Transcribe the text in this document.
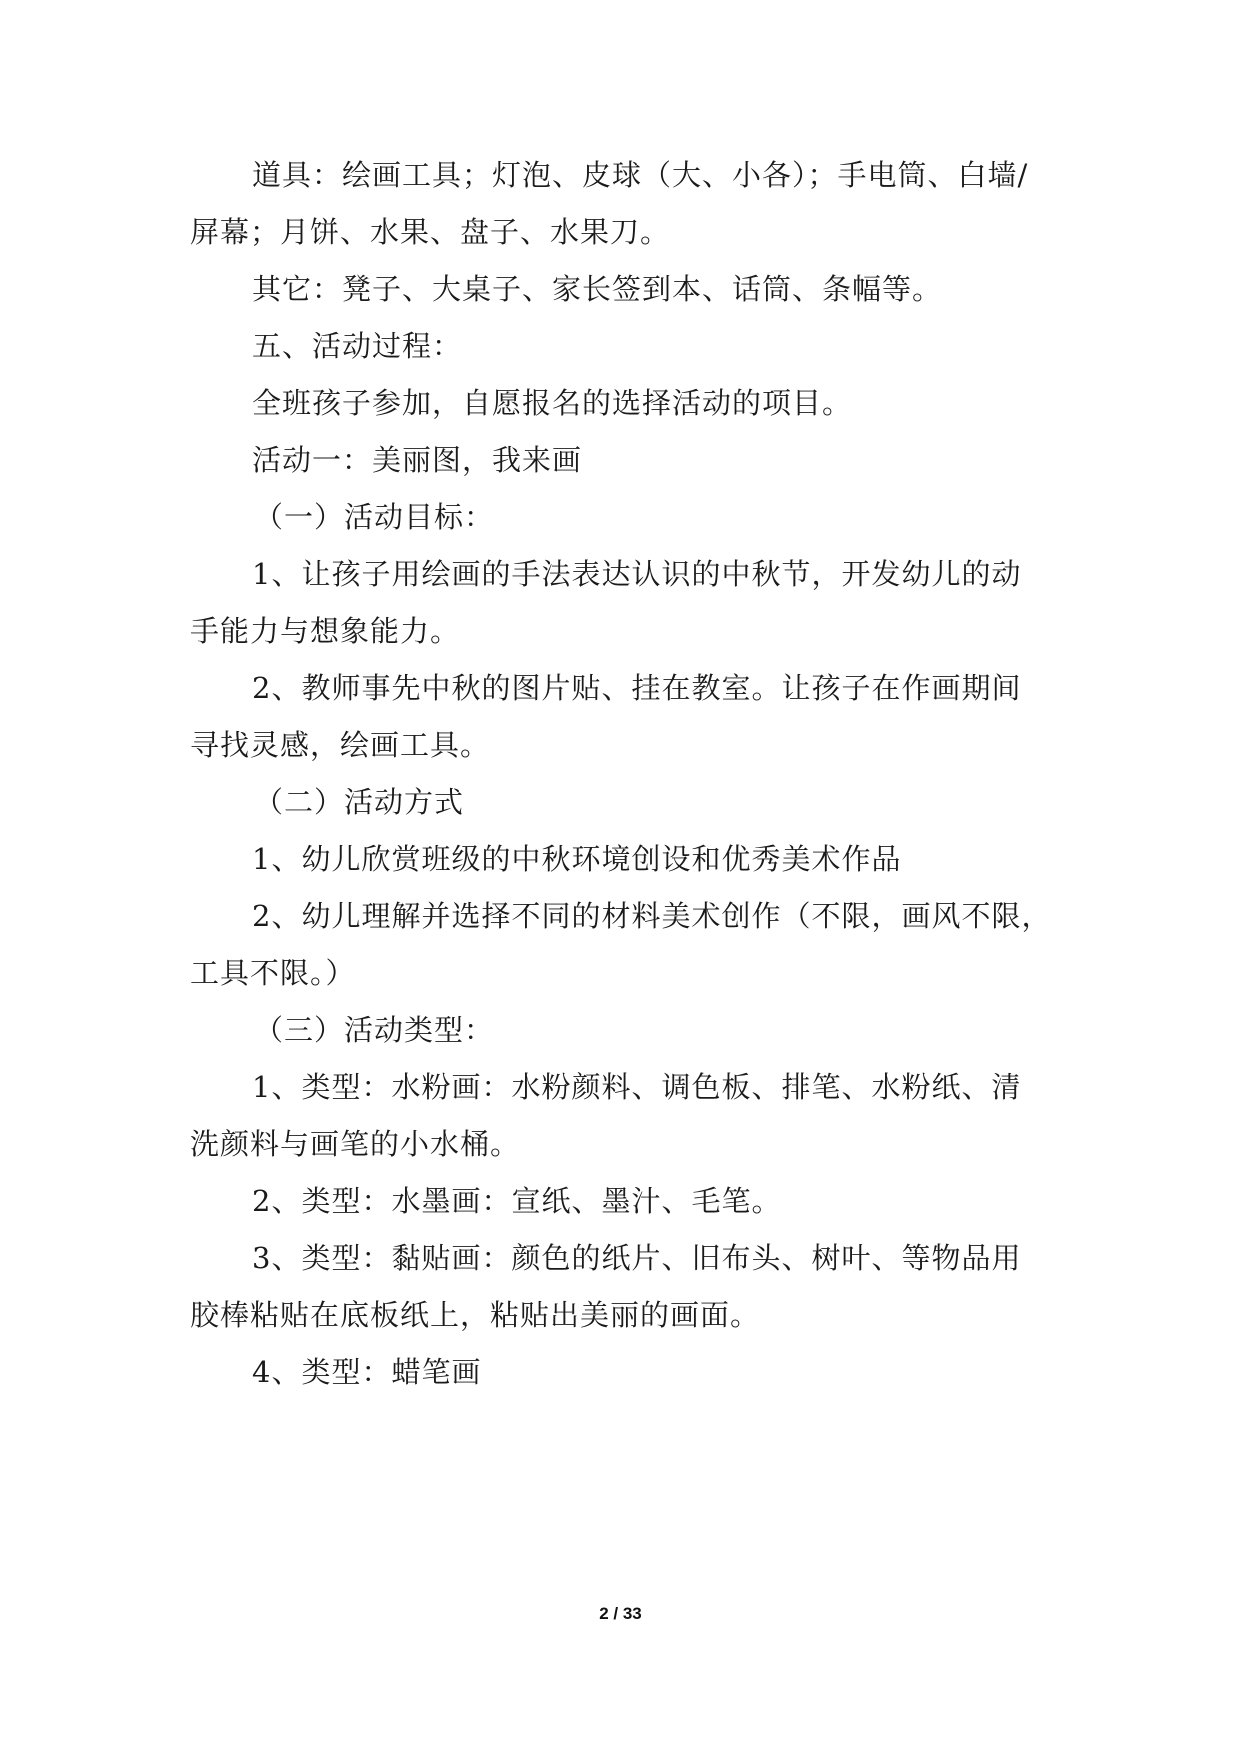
道具：绘画工具；灯泡、皮球（大、小各）；手电筒、白墙/
屏幕；月饼、水果、盘子、水果刀。
其它：凳子、大桌子、家长签到本、话筒、条幅等。
五、活动过程：
全班孩子参加，自愿报名的选择活动的项目。
活动一：美丽图，我来画
（一）活动目标：
1、让孩子用绘画的手法表达认识的中秋节，开发幼儿的动
手能力与想象能力。
2、教师事先中秋的图片贴、挂在教室。让孩子在作画期间
寻找灵感，绘画工具。
（二）活动方式
1、幼儿欣赏班级的中秋环境创设和优秀美术作品
2、幼儿理解并选择不同的材料美术创作（不限，画风不限，
工具不限。）
（三）活动类型：
1、类型：水粉画：水粉颜料、调色板、排笔、水粉纸、清
洗颜料与画笔的小水桶。
2、类型：水墨画：宣纸、墨汁、毛笔。
3、类型：黏贴画：颜色的纸片、旧布头、树叶、等物品用
胶棒粘贴在底板纸上，粘贴出美丽的画面。
4、类型：蜡笔画
2 / 33
